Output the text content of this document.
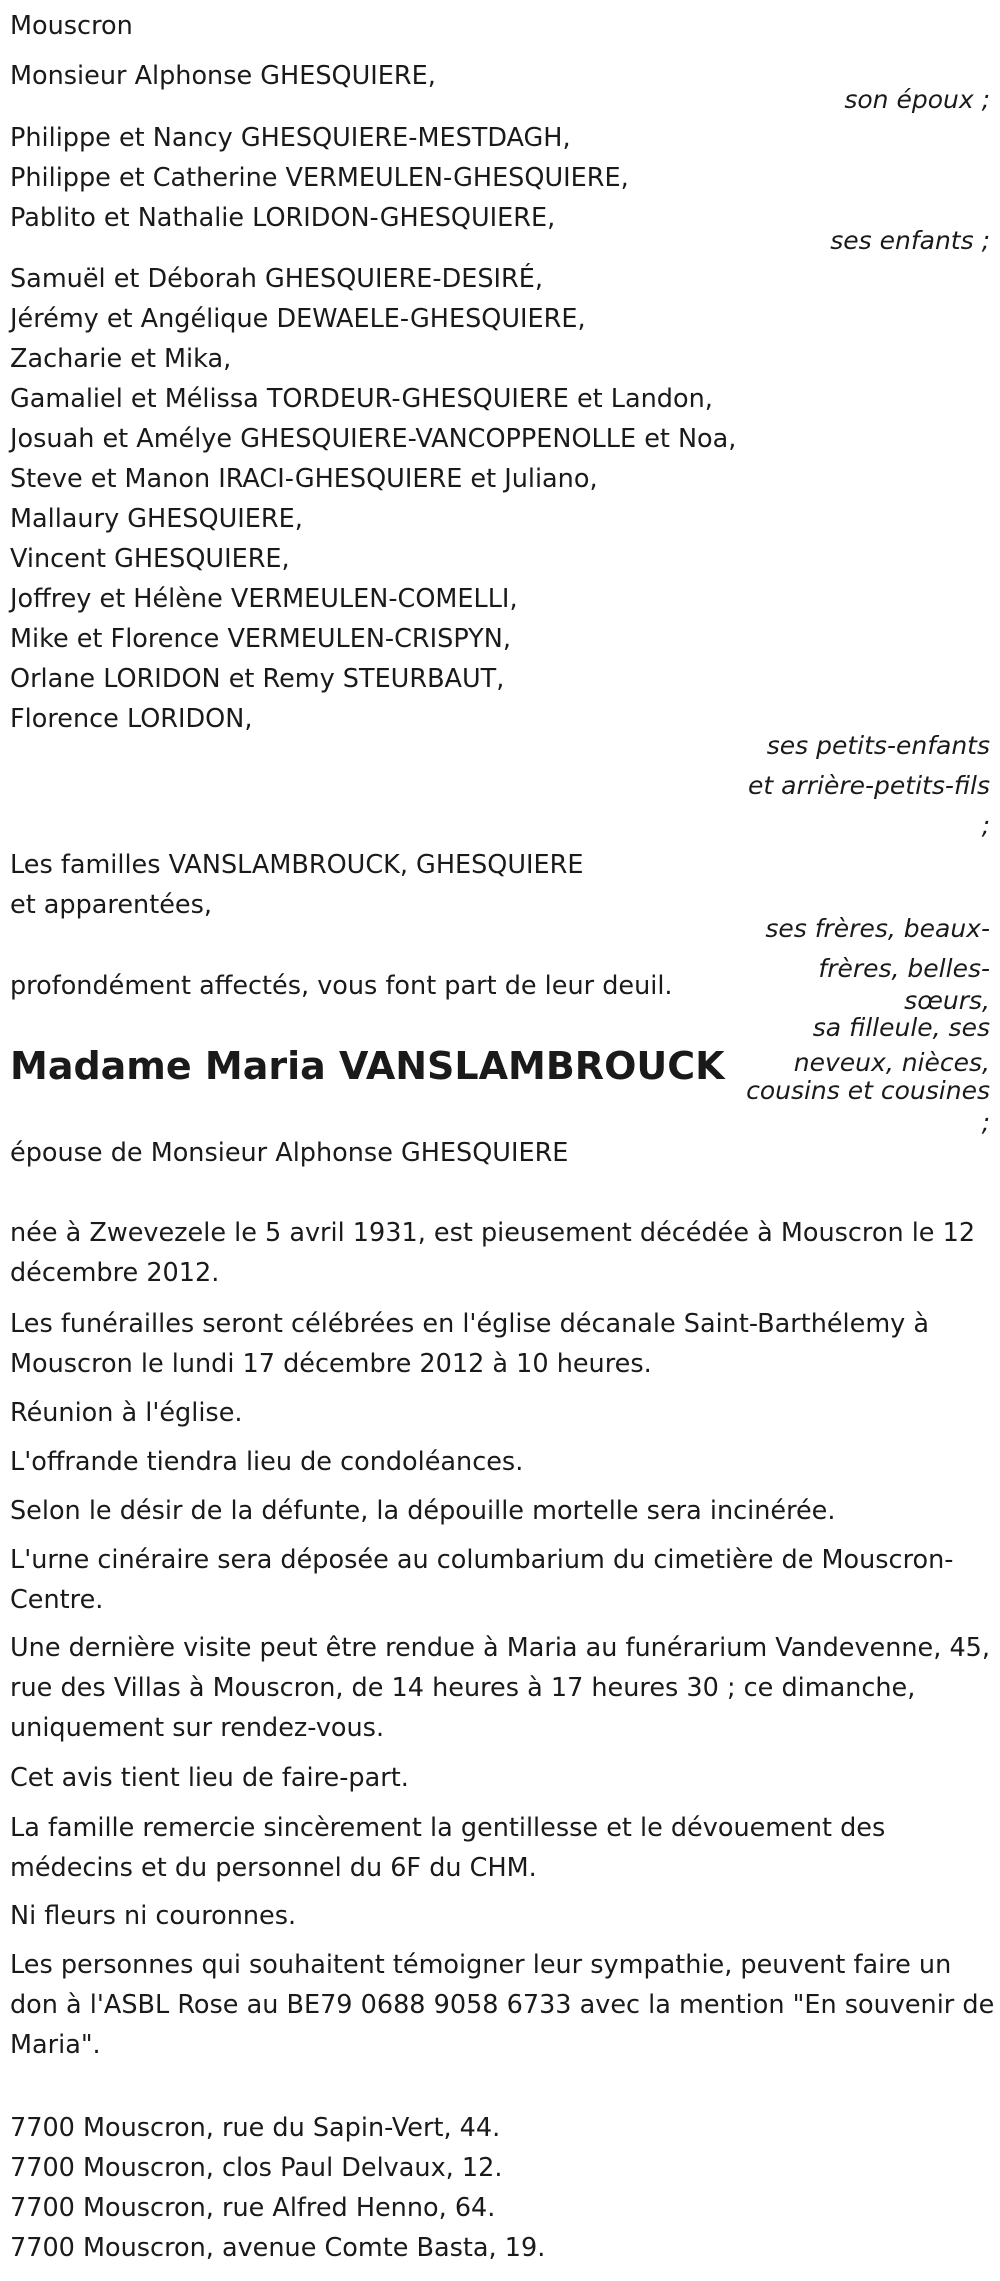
Mouscron

Monsieur Alphonse GHESQUIERE,

son époux ;

Philippe et Nancy GHESQUIERE-MESTDAGH,
Philippe et Catherine VERMEULEN-GHESQUIERE,
Pablito et Nathalie LORIDON-GHESQUIERE,

ses enfants ;

Samuël et Déborah GHESQUIERE-DESIRÉ,
Jérémy et Angélique DEWAELE-GHESQUIERE,
Zacharie et Mika,
Gamaliel et Mélissa TORDEUR-GHESQUIERE et Landon,
Josuah et Amélye GHESQUIERE-VANCOPPENOLLE et Noa,
Steve et Manon IRACI-GHESQUIERE et Juliano,
Mallaury GHESQUIERE,
Vincent GHESQUIERE,
Joffrey et Hélène VERMEULEN-COMELLI,
Mike et Florence VERMEULEN-CRISPYN,
Orlane LORIDON et Remy STEURBAUT,
Florence LORIDON,
ses petits-enfants
et arrière-petits-fils
;
Les familles VANSLAMBROUCK, GHESQUIERE
et apparentées,
ses frères, beaux-
frères, belles-
sœurs,
sa filleule, ses
neveux, nièces,
cousins et cousines
;

profondément affectés, vous font part de leur deuil.

Madame Maria VANSLAMBROUCK

épouse de Monsieur Alphonse GHESQUIERE

née à Zwevezele le 5 avril 1931, est pieusement décédée à Mouscron le 12 décembre 2012.

Les funérailles seront célébrées en l'église décanale Saint-Barthélemy à Mouscron le lundi 17 décembre 2012 à 10 heures.

Réunion à l'église.

L'offrande tiendra lieu de condoléances.

Selon le désir de la défunte, la dépouille mortelle sera incinérée.

L'urne cinéraire sera déposée au columbarium du cimetière de Mouscron-Centre.

Une dernière visite peut être rendue à Maria au funérarium Vandevenne, 45, rue des Villas à Mouscron, de 14 heures à 17 heures 30 ; ce dimanche, uniquement sur rendez-vous.

Cet avis tient lieu de faire-part.

La famille remercie sincèrement la gentillesse et le dévouement des médecins et du personnel du 6F du CHM.

Ni fleurs ni couronnes.

Les personnes qui souhaitent témoigner leur sympathie, peuvent faire un don à l'ASBL Rose au BE79 0688 9058 6733 avec la mention "En souvenir de Maria".

7700 Mouscron, rue du Sapin-Vert, 44.
7700 Mouscron, clos Paul Delvaux, 12.
7700 Mouscron, rue Alfred Henno, 64.
7700 Mouscron, avenue Comte Basta, 19.
